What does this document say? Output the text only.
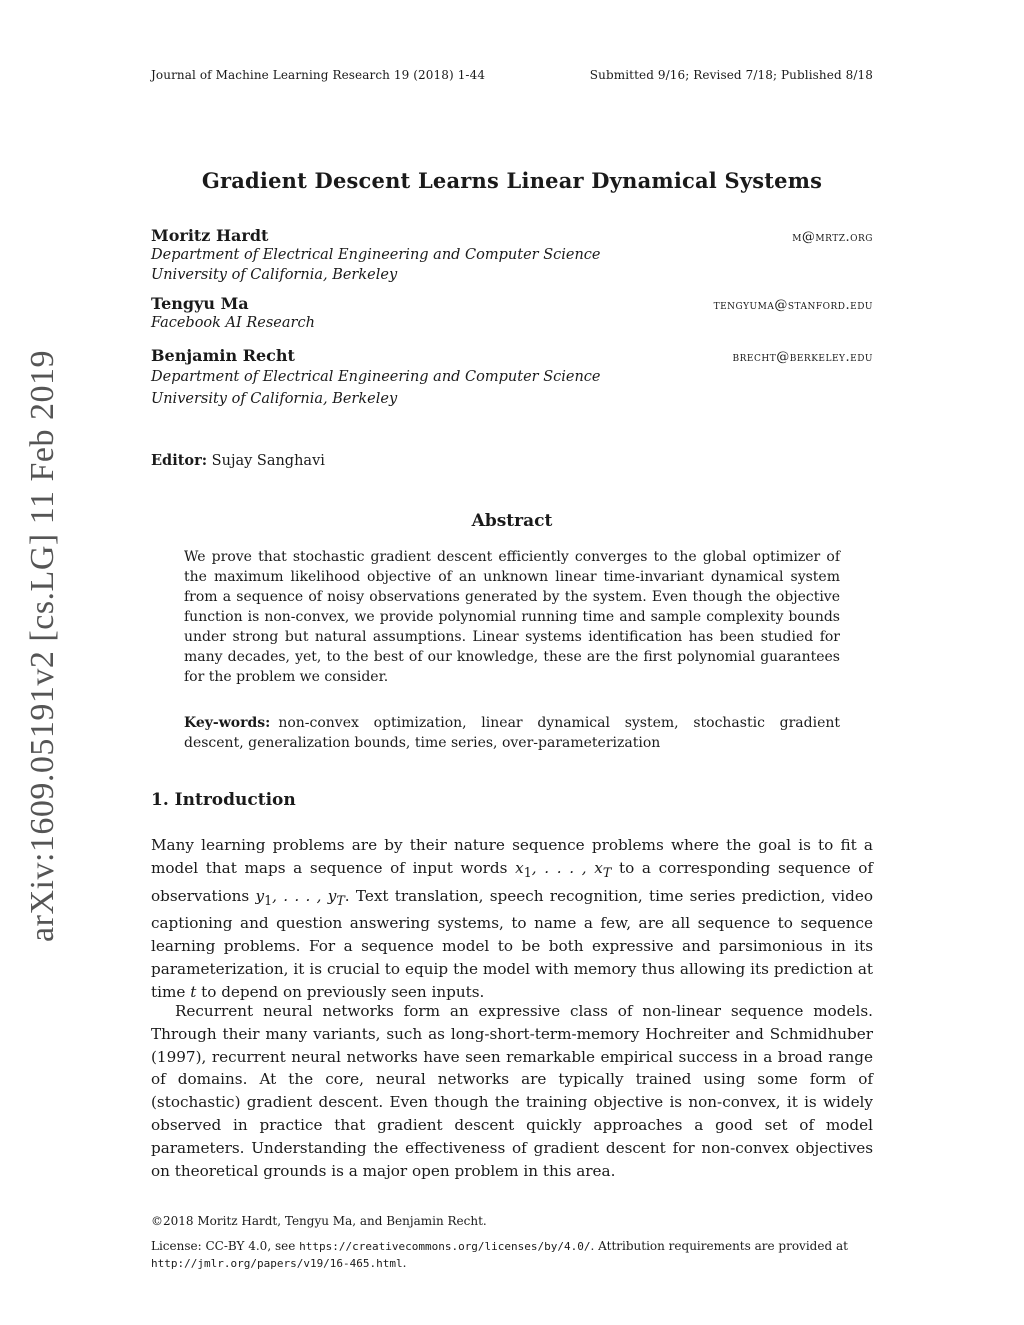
Journal of Machine Learning Research 19 (2018) 1-44	Submitted 9/16; Revised 7/18; Published 8/18
arXiv:1609.05191v2 [cs.LG] 11 Feb 2019
Gradient Descent Learns Linear Dynamical Systems
Moritz Hardt	m@mrtz.org
Department of Electrical Engineering and Computer Science
University of California, Berkeley
Tengyu Ma	tengyuma@stanford.edu
Facebook AI Research
Benjamin Recht	brecht@berkeley.edu
Department of Electrical Engineering and Computer Science
University of California, Berkeley
Editor: Sujay Sanghavi
Abstract
We prove that stochastic gradient descent efficiently converges to the global optimizer of the maximum likelihood objective of an unknown linear time-invariant dynamical system from a sequence of noisy observations generated by the system. Even though the objective function is non-convex, we provide polynomial running time and sample complexity bounds under strong but natural assumptions. Linear systems identification has been studied for many decades, yet, to the best of our knowledge, these are the first polynomial guarantees for the problem we consider.
Key-words: non-convex optimization, linear dynamical system, stochastic gradient descent, generalization bounds, time series, over-parameterization
1. Introduction
Many learning problems are by their nature sequence problems where the goal is to fit a model that maps a sequence of input words $x_1$, . . . , $x_T$ to a corresponding sequence of observations $y_1$, . . . , $y_T$. Text translation, speech recognition, time series prediction, video captioning and question answering systems, to name a few, are all sequence to sequence learning problems. For a sequence model to be both expressive and parsimonious in its parameterization, it is crucial to equip the model with memory thus allowing its prediction at time t to depend on previously seen inputs.
Recurrent neural networks form an expressive class of non-linear sequence models. Through their many variants, such as long-short-term-memory Hochreiter and Schmidhuber (1997), recurrent neural networks have seen remarkable empirical success in a broad range of domains. At the core, neural networks are typically trained using some form of (stochastic) gradient descent. Even though the training objective is non-convex, it is widely observed in practice that gradient descent quickly approaches a good set of model parameters. Understanding the effectiveness of gradient descent for non-convex objectives on theoretical grounds is a major open problem in this area.
©2018 Moritz Hardt, Tengyu Ma, and Benjamin Recht.
License: CC-BY 4.0, see https://creativecommons.org/licenses/by/4.0/. Attribution requirements are provided at http://jmlr.org/papers/v19/16-465.html.
